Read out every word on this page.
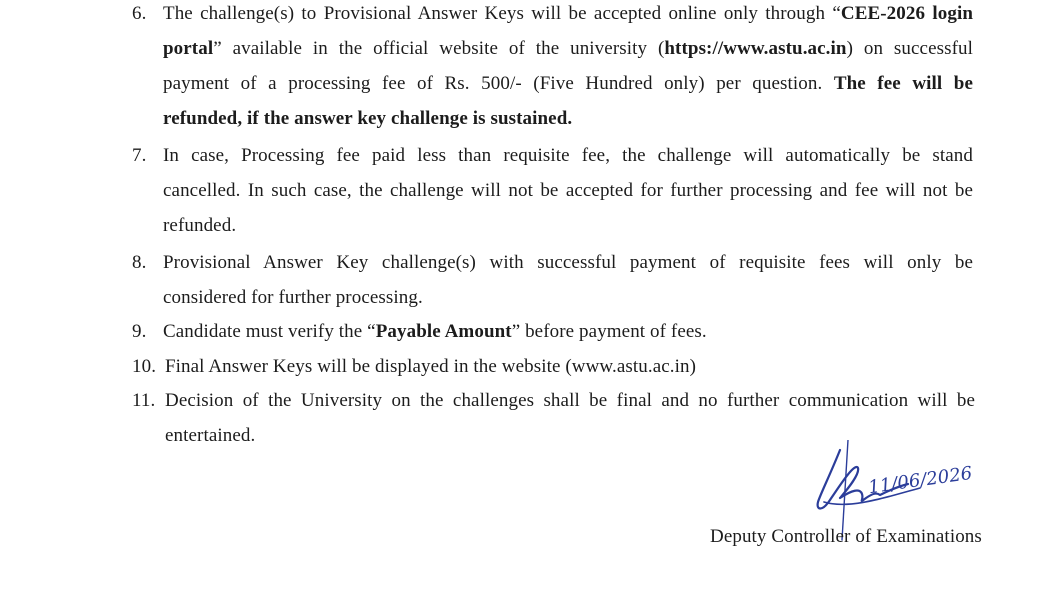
6. The challenge(s) to Provisional Answer Keys will be accepted online only through “CEE-2026 login
portal” available in the official website of the university (https://www.astu.ac.in) on successful
payment of a processing fee of Rs. 500/- (Five Hundred only) per question. The fee will be
refunded, if the answer key challenge is sustained.
7. In case, Processing fee paid less than requisite fee, the challenge will automatically be stand
cancelled. In such case, the challenge will not be accepted for further processing and fee will not be
refunded.
8. Provisional Answer Key challenge(s) with successful payment of requisite fees will only be
considered for further processing.
9. Candidate must verify the “Payable Amount” before payment of fees.
10. Final Answer Keys will be displayed in the website (www.astu.ac.in)
11. Decision of the University on the challenges shall be final and no further communication will be
entertained.
11/06/2026
Deputy Controller of Examinations
